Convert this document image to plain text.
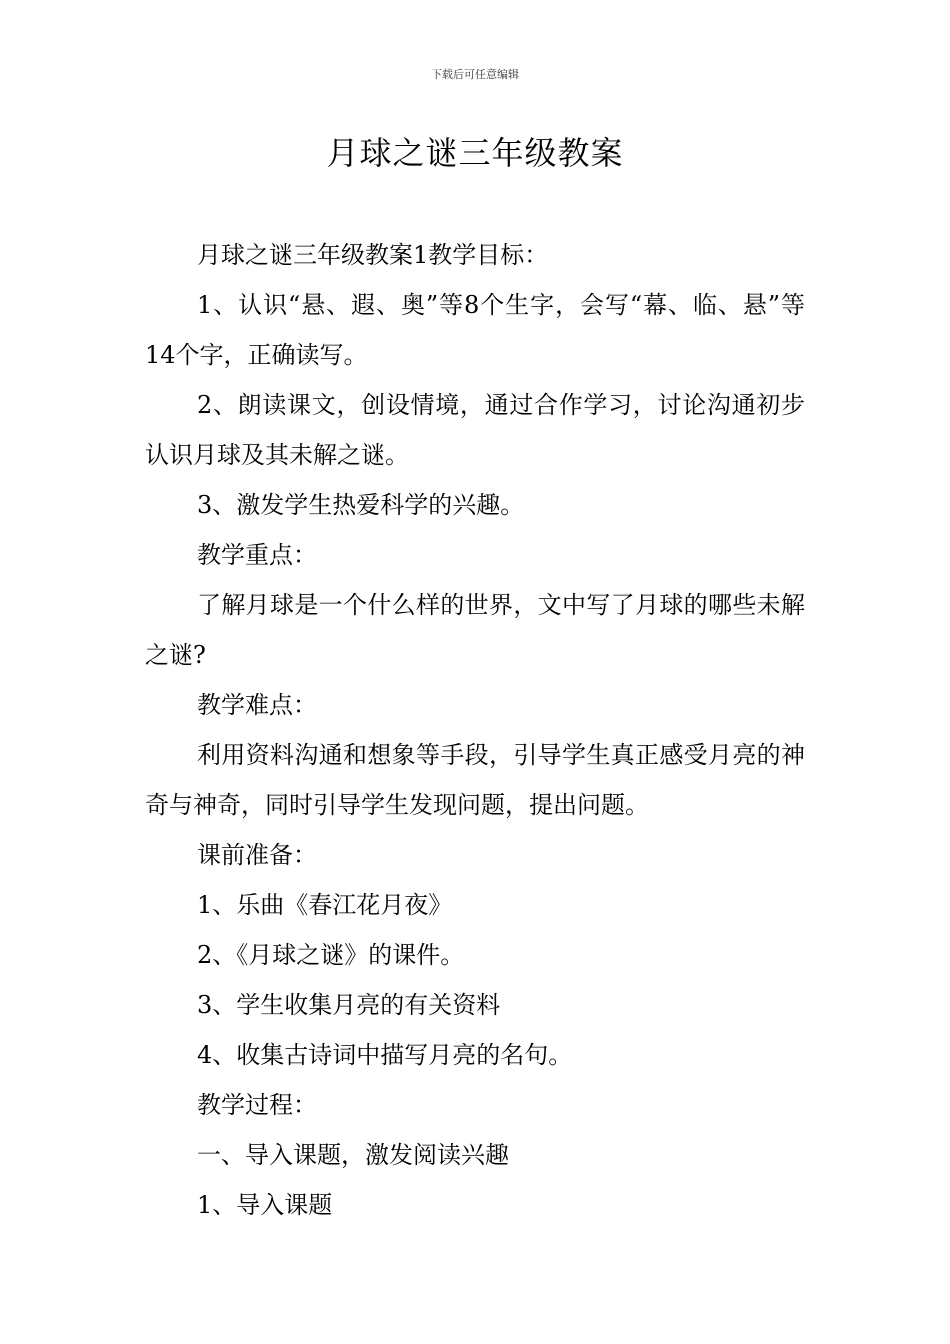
下载后可任意编辑
月球之谜三年级教案

月球之谜三年级教案1教学目标：

1、认识“悬、遐、奥”等8个生字，会写“幕、临、悬”等14个字，正确读写。

2、朗读课文，创设情境，通过合作学习，讨论沟通初步认识月球及其未解之谜。

3、激发学生热爱科学的兴趣。

教学重点：

了解月球是一个什么样的世界，文中写了月球的哪些未解之谜?

教学难点：

利用资料沟通和想象等手段，引导学生真正感受月亮的神奇与神奇，同时引导学生发现问题，提出问题。

课前准备：

1、乐曲《春江花月夜》

2、《月球之谜》的课件。

3、学生收集月亮的有关资料

4、收集古诗词中描写月亮的名句。

教学过程：

一、导入课题，激发阅读兴趣

1、导入课题
